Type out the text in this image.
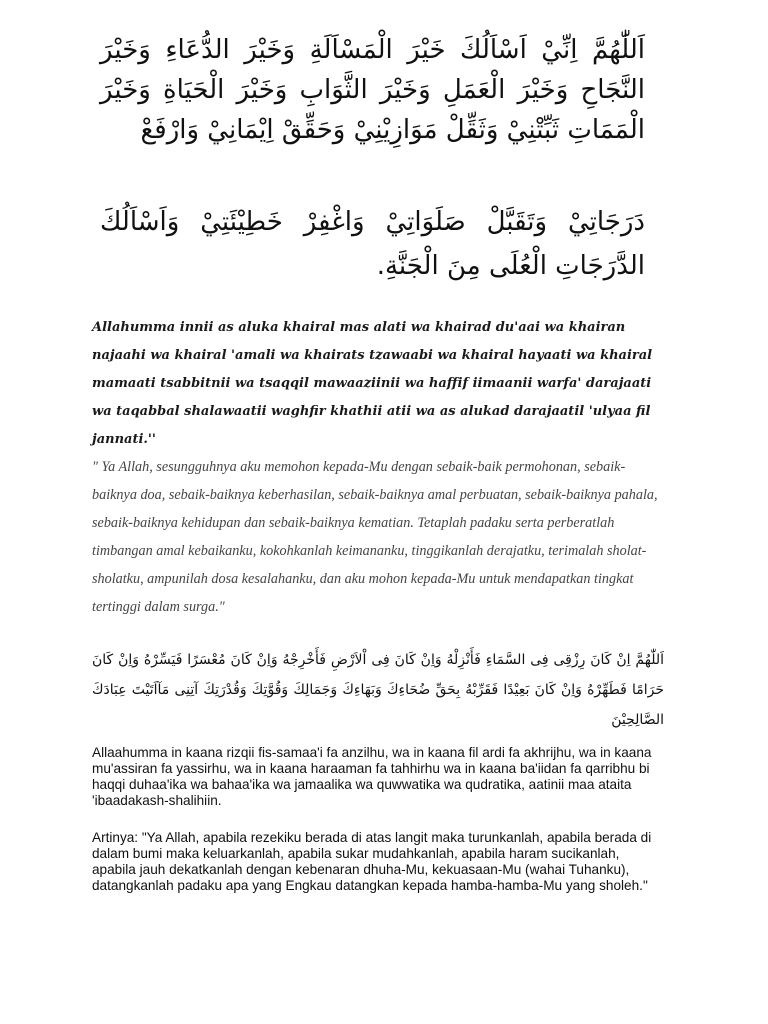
اَللّٰهُمَّ اِنِّيْ اَسْاَلُكَ خَيْرَ الْمَسْاَلَةِ وَخَيْرَ الدُّعَاءِ وَخَيْرَ النَّجَاحِ وَخَيْرَ الْعَمَلِ وَخَيْرَ الثَّوَابِ وَخَيْرَ الْحَيَاةِ وَخَيْرَ الْمَمَاتِ ثَبِّتْنِيْ وَثَقِّلْ مَوَازِيْنِيْ وَحَقِّقْ اِيْمَانِيْ وَارْفَعْ
دَرَجَاتِيْ وَتَقَبَّلْ صَلَوَاتِيْ وَاغْفِرْ خَطِيْئَتِيْ وَاَسْاَلُكَ الدَّرَجَاتِ الْعُلَى مِنَ الْجَنَّةِ.

Allahumma innii as aluka khairal mas alati wa khairad du'aai wa khairan najaahi wa khairal 'amali wa khairats tzawaabi wa khairal hayaati wa khairal mamaati tsabbitnii wa tsaqqil mawaaziinii wa haffif iimaanii warfa' darajaati wa taqabbal shalawaatii waghfir khathii atii wa as alukad darajaatil 'ulyaa fil jannati.''

" Ya Allah, sesungguhnya aku memohon kepada-Mu dengan sebaik-baik permohonan, sebaik-baiknya doa, sebaik-baiknya keberhasilan, sebaik-baiknya amal perbuatan, sebaik-baiknya pahala, sebaik-baiknya kehidupan dan sebaik-baiknya kematian. Tetaplah padaku serta perberatlah timbangan amal kebaikanku, kokohkanlah keimananku, tinggikanlah derajatku, terimalah sholat-sholatku, ampunilah dosa kesalahanku, dan aku mohon kepada-Mu untuk mendapatkan tingkat tertinggi dalam surga."

اَللّٰهُمَّ اِنْ كَانَ رِزْقِى فِى السَّمَاءِ فَأَنْزِلْهُ وَاِنْ كَانَ فِى اْلاَرْضِ فَأَخْرِجْهُ وَاِنْ كَانَ مُعْسَرًا فَيَسِّرْهُ وَاِنْ كَانَ حَرَامًا فَطَهِّرْهُ وَاِنْ كَانَ بَعِيْدًا فَقَرِّبْهُ بِحَقِّ ضُحَاءِكَ وَبَهَاءِكَ وَجَمَالِكَ وَقُوَّتِكَ وَقُدْرَتِكَ آتِنِى مَآاَتَيْتَ عِبَادَكَ الصَّالِحِيْنَ

Allaahumma in kaana rizqii fis-samaa'i fa anzilhu, wa in kaana fil ardi fa akhrijhu, wa in kaana mu'assiran fa yassirhu, wa in kaana haraaman fa tahhirhu wa in kaana ba'iidan fa qarribhu bi haqqi duhaa'ika wa bahaa'ika wa jamaalika wa quwwatika wa qudratika, aatinii maa ataita 'ibaadakash-shalihiin.

Artinya: "Ya Allah, apabila rezekiku berada di atas langit maka turunkanlah, apabila berada di dalam bumi maka keluarkanlah, apabila sukar mudahkanlah, apabila haram sucikanlah, apabila jauh dekatkanlah dengan kebenaran dhuha-Mu, kekuasaan-Mu (wahai Tuhanku), datangkanlah padaku apa yang Engkau datangkan kepada hamba-hamba-Mu yang sholeh."
